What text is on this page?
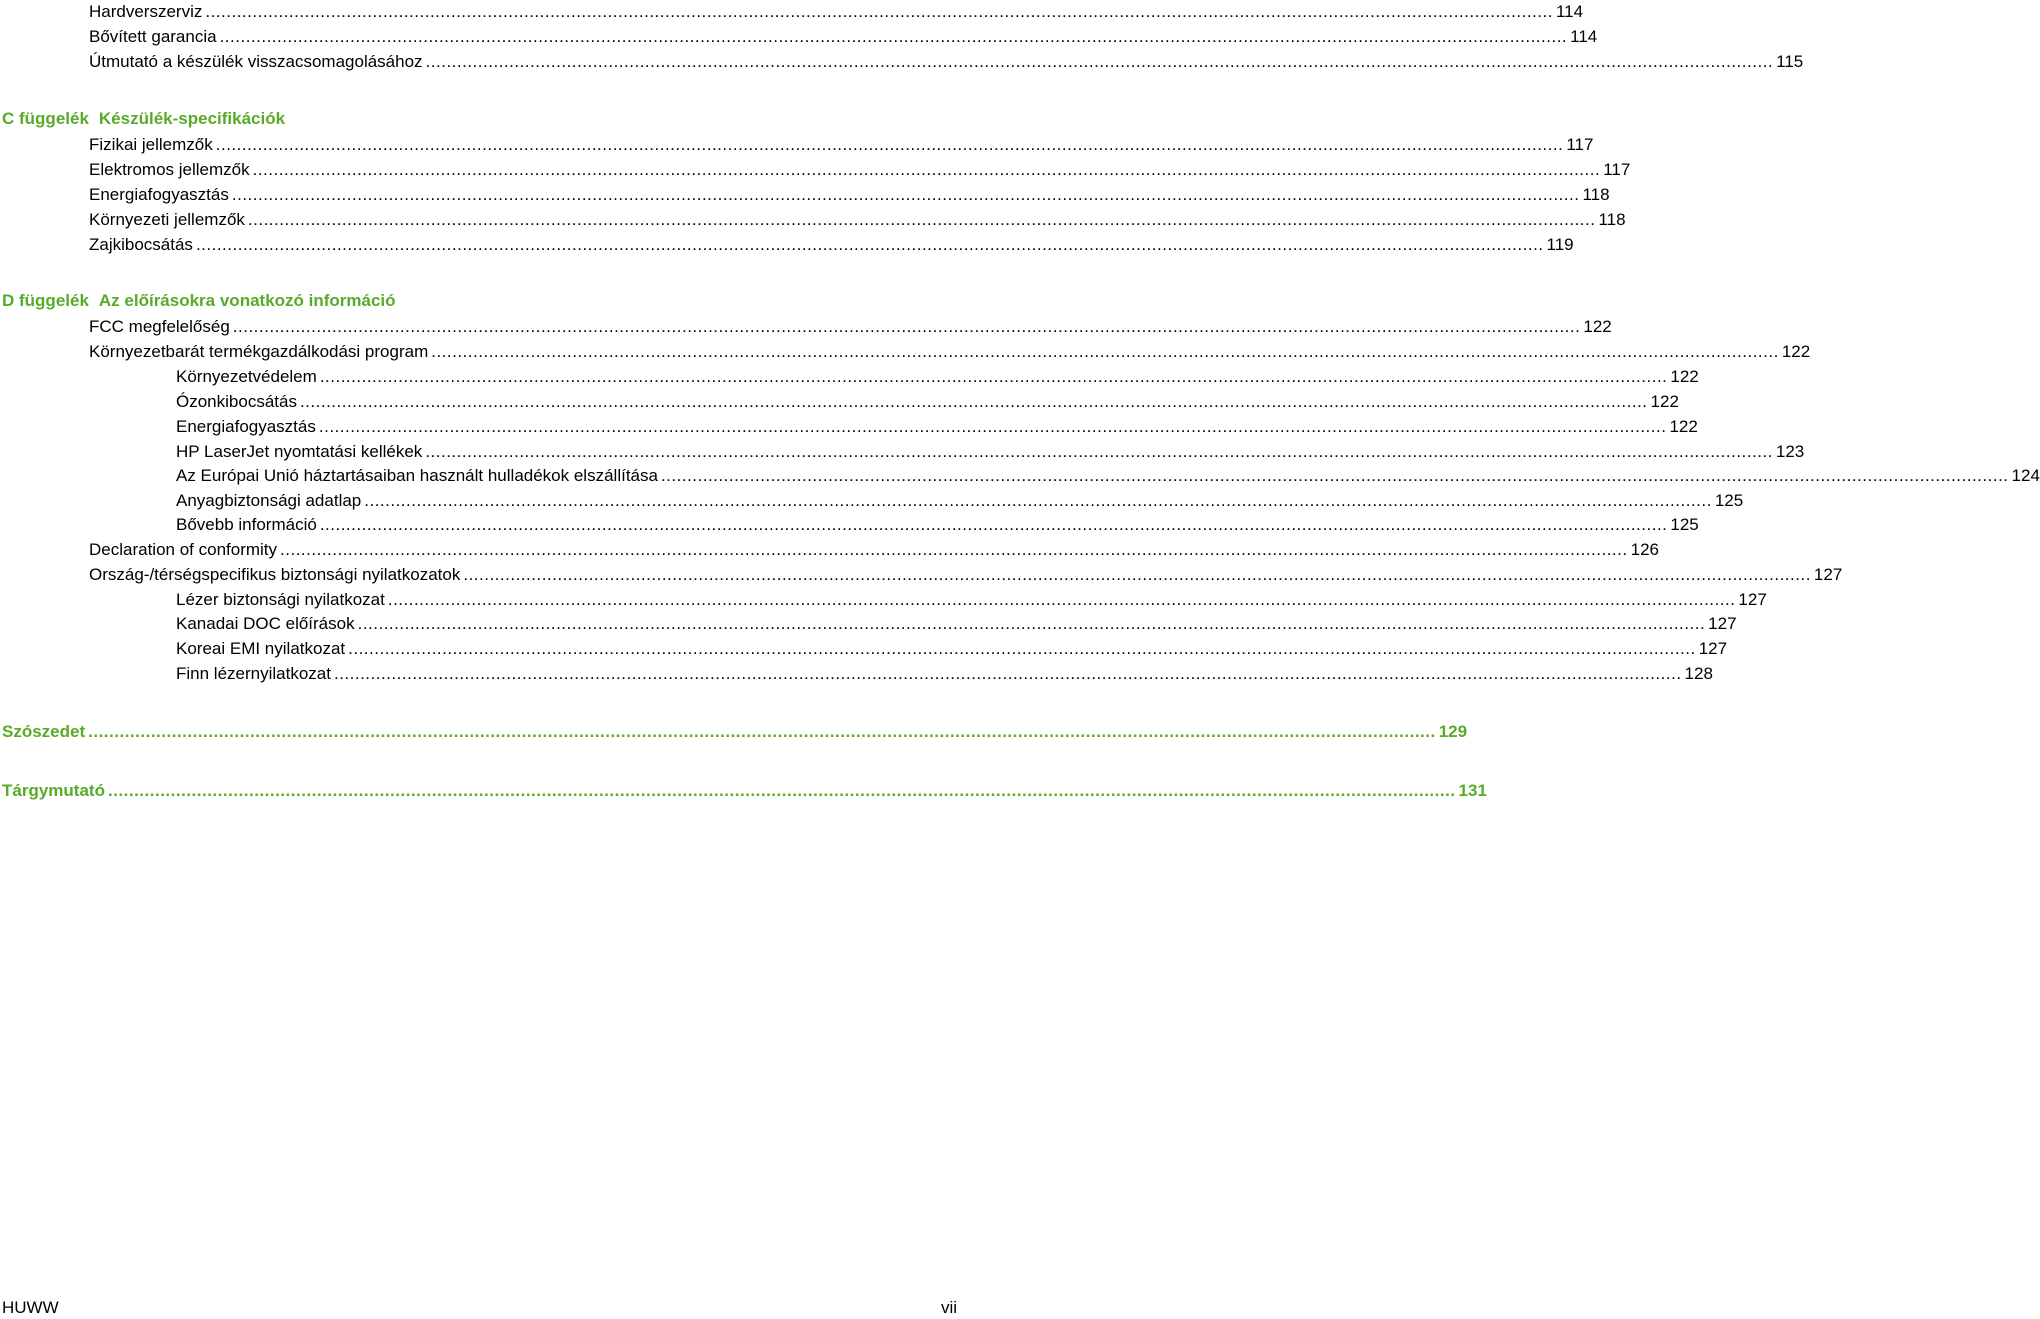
Hardverszerviz .................................................................................................................................................................................................................................................................. 114
Bővített garancia .................................................................................................................................................................................................................................................................. 114
Útmutató a készülék visszacsomagolásához .................................................................................................................................................................................................................................................................. 115
C függelék Készülék-specifikációk
Fizikai jellemzők .................................................................................................................................................................................................................................................................. 117
Elektromos jellemzők .................................................................................................................................................................................................................................................................. 117
Energiafogyasztás .................................................................................................................................................................................................................................................................. 118
Környezeti jellemzők .................................................................................................................................................................................................................................................................. 118
Zajkibocsátás .................................................................................................................................................................................................................................................................. 119
D függelék Az előírásokra vonatkozó információ
FCC megfelelőség .................................................................................................................................................................................................................................................................. 122
Környezetbarát termékgazdálkodási program .................................................................................................................................................................................................................................................................. 122
Környezetvédelem .................................................................................................................................................................................................................................................................. 122
Ózonkibocsátás .................................................................................................................................................................................................................................................................. 122
Energiafogyasztás .................................................................................................................................................................................................................................................................. 122
HP LaserJet nyomtatási kellékek .................................................................................................................................................................................................................................................................. 123
Az Európai Unió háztartásaiban használt hulladékok elszállítása .................................................................................................................................................................................................................................................................. 124
Anyagbiztonsági adatlap .................................................................................................................................................................................................................................................................. 125
Bővebb információ .................................................................................................................................................................................................................................................................. 125
Declaration of conformity .................................................................................................................................................................................................................................................................. 126
Ország-/térségspecifikus biztonsági nyilatkozatok .................................................................................................................................................................................................................................................................. 127
Lézer biztonsági nyilatkozat .................................................................................................................................................................................................................................................................. 127
Kanadai DOC előírások .................................................................................................................................................................................................................................................................. 127
Koreai EMI nyilatkozat .................................................................................................................................................................................................................................................................. 127
Finn lézernyilatkozat .................................................................................................................................................................................................................................................................. 128
Szószedet .................................................................................................................................................................................................................................................................. 129
Tárgymutató .................................................................................................................................................................................................................................................................. 131
HUWW	vii
